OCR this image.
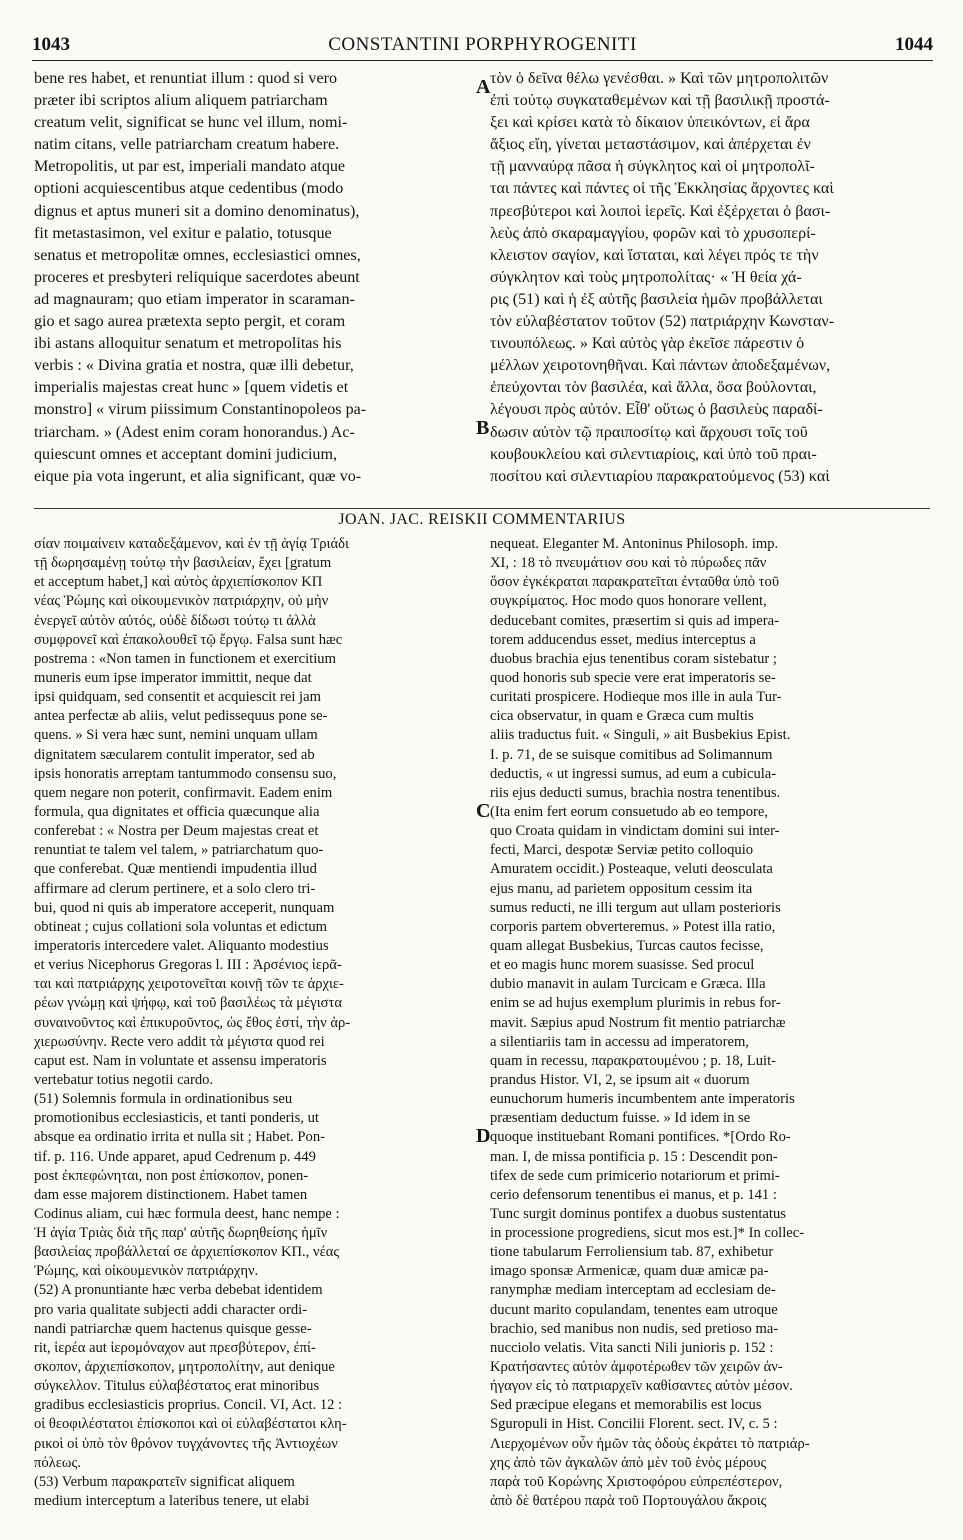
1043	CONSTANTINI PORPHYROGENITI	1044
bene res habet, et renuntiat illum : quod si vero
præter ibi scriptos alium aliquem patriarcham
creatum velit, significat se hunc vel illum, nomi-
natim citans, velle patriarcham creatum habere.
Metropolitis, ut par est, imperiali mandato atque
optioni acquiescentibus atque cedentibus (modo
dignus et aptus muneri sit a domino denominatus),
fit metastasimon, vel exitur e palatio, totusque
senatus et metropolitæ omnes, ecclesiastici omnes,
proceres et presbyteri reliquique sacerdotes abeunt
ad magnauram; quo etiam imperator in scaraman-
gio et sago aurea prætexta septo pergit, et coram
ibi astans alloquitur senatum et metropolitas his
verbis : « Divina gratia et nostra, quæ illi debetur,
imperialis majestas creat hunc » [quem videtis et
monstro] « virum piissimum Constantinopoleos pa-
triarcham. » (Adest enim coram honorandus.) Ac-
quiescunt omnes et acceptant domini judicium,
eique pia vota ingerunt, et alia significant, quæ vo-
τὸν ὁ δεῖνα θέλω γενέσθαι. » Καὶ τῶν μητροπολιτῶν
ἐπὶ τούτῳ συγκαταθεμένων καὶ τῇ βασιλικῇ προστά-
ξει καὶ κρίσει κατὰ τὸ δίκαιον ὑπεικόντων, εἰ ἄρα
ἄξιος εἴη, γίνεται μεταστάσιμον, καὶ ἀπέρχεται ἐν
τῇ μανναύρᾳ πᾶσα ἡ σύγκλητος καὶ οἱ μητροπολῖ-
ται πάντες καὶ πάντες οἱ τῆς Ἐκκλησίας ἄρχοντες καὶ
πρεσβύτεροι καὶ λοιποὶ ἱερεῖς. Καὶ ἐξέρχεται ὁ βασι-
λεὺς ἀπὸ σκαραμαγγίου, φορῶν καὶ τὸ χρυσοπερί-
κλειστον σαγίον, καὶ ἵσταται, καὶ λέγει πρός τε τὴν
σύγκλητον καὶ τοὺς μητροπολίτας· « Ἡ θεία χά-
ρις (51) καὶ ἡ ἐξ αὐτῆς βασιλεία ἡμῶν προβάλλεται
τὸν εὐλαβέστατον τοῦτον (52) πατριάρχην Κωνσταν-
τινουπόλεως. » Καὶ αὐτὸς γὰρ ἐκεῖσε πάρεστιν ὁ
μέλλων χειροτονηθῆναι. Καὶ πάντων ἀποδεξαμένων,
ἐπεύχονται τὸν βασιλέα, καὶ ἄλλα, ὅσα βούλονται,
λέγουσι πρὸς αὐτόν. Εἶθ' οὕτως ὁ βασιλεὺς παραδί-
δωσιν αὐτὸν τῷ πραιποσίτῳ καὶ ἄρχουσι τοῖς τοῦ
κουβουκλείου καὶ σιλεντιαρίοις, καὶ ὑπὸ τοῦ πραι-
ποσίτου καὶ σιλεντιαρίου παρακρατούμενος (53) καὶ
A
B
JOAN. JAC. REISKII COMMENTARIUS
σίαν ποιμαίνειν καταδεξάμενον, καὶ ἐν τῇ ἁγίᾳ Τριάδι
τῇ δωρησαμένῃ τούτῳ τὴν βασιλείαν, ἔχει [gratum
et acceptum habet,] καὶ αὐτὸς ἀρχιεπίσκοπον ΚΠ
νέας Ῥώμης καὶ οἰκουμενικὸν πατριάρχην, οὐ μὴν
ἐνεργεῖ αὐτὸν αὐτός, οὐδὲ δίδωσι τούτῳ τι ἀλλὰ
συμφρονεῖ καὶ ἐπακολουθεῖ τῷ ἔργῳ. Falsa sunt hæc
postrema : «Non tamen in functionem et exercitium
muneris eum ipse imperator immittit, neque dat
ipsi quidquam, sed consentit et acquiescit rei jam
antea perfectæ ab aliis, velut pedissequus pone se-
quens. » Si vera hæc sunt, nemini unquam ullam
dignitatem sæcularem contulit imperator, sed ab
ipsis honoratis arreptam tantummodo consensu suo,
quem negare non poterit, confirmavit. Eadem enim
formula, qua dignitates et officia quæcunque alia
conferebat : « Nostra per Deum majestas creat et
renuntiat te talem vel talem, » patriarchatum quo-
que conferebat. Quæ mentiendi impudentia illud
affirmare ad clerum pertinere, et a solo clero tri-
bui, quod ni quis ab imperatore acceperit, nunquam
obtineat ; cujus collationi sola voluntas et edictum
imperatoris intercedere valet. Aliquanto modestius
et verius Nicephorus Gregoras l. III : Ἀρσένιος ἱερᾶ-
ται καὶ πατριάρχης χειροτονεῖται κοινῇ τῶν τε ἀρχιε-
ρέων γνώμῃ καὶ ψήφῳ, καὶ τοῦ βασιλέως τὰ μέγιστα
συναινοῦντος καὶ ἐπικυροῦντος, ὡς ἔθος ἐστί, τὴν ἀρ-
χιερωσύνην. Recte vero addit τὰ μέγιστα quod rei
caput est. Nam in voluntate et assensu imperatoris
vertebatur totius negotii cardo.
(51) Solemnis formula in ordinationibus seu
promotionibus ecclesiasticis, et tanti ponderis, ut
absque ea ordinatio irrita et nulla sit ; Habet. Pon-
tif. p. 116. Unde apparet, apud Cedrenum p. 449
post ἐκπεφώνηται, non post ἐπίσκοπον, ponen-
dam esse majorem distinctionem. Habet tamen
Codinus aliam, cui hæc formula deest, hanc nempe :
Ἡ ἁγία Τριὰς διὰ τῆς παρ' αὐτῆς δωρηθείσης ἡμῖν
βασιλείας προβάλλεταί σε ἀρχιεπίσκοπον ΚΠ., νέας
Ῥώμης, καὶ οἰκουμενικὸν πατριάρχην.
(52) A pronuntiante hæc verba debebat identidem
pro varia qualitate subjecti addi character ordi-
nandi patriarchæ quem hactenus quisque gesse-
rit, ἱερέα aut ἱερομόναχον aut πρεσβύτερον, ἐπί-
σκοπον, ἀρχιεπίσκοπον, μητροπολίτην, aut denique
σύγκελλον. Titulus εὐλαβέστατος erat minoribus
gradibus ecclesiasticis proprius. Concil. VI, Act. 12 :
οἱ θεοφιλέστατοι ἐπίσκοποι καὶ οἱ εὐλαβέστατοι κλη-
ρικοὶ οἱ ὑπὸ τὸν θρόνον τυγχάνοντες τῆς Ἀντιοχέων
πόλεως.
(53) Verbum παρακρατεῖν significat aliquem
medium interceptum a lateribus tenere, ut elabi
nequeat. Eleganter M. Antoninus Philosoph. imp.
XI, : 18 τὸ πνευμάτιον σου καὶ τὸ πύρωδες πᾶν
ὅσον ἐγκέκραται παρακρατεῖται ἐνταῦθα ὑπὸ τοῦ
συγκρίματος. Hoc modo quos honorare vellent,
deducebant comites, præsertim si quis ad impera-
torem adducendus esset, medius interceptus a
duobus brachia ejus tenentibus coram sistebatur ;
quod honoris sub specie vere erat imperatoris se-
curitati prospicere. Hodieque mos ille in aula Tur-
cica observatur, in quam e Græca cum multis
aliis traductus fuit. « Singuli, » ait Busbekius Epist.
I. p. 71, de se suisque comitibus ad Solimannum
deductis, « ut ingressi sumus, ad eum a cubicula-
riis ejus deducti sumus, brachia nostra tenentibus.
(Ita enim fert eorum consuetudo ab eo tempore,
quo Croata quidam in vindictam domini sui inter-
fecti, Marci, despotæ Serviæ petito colloquio
Amuratem occidit.) Posteaque, veluti deosculata
ejus manu, ad parietem oppositum cessim ita
sumus reducti, ne illi tergum aut ullam posterioris
corporis partem obverteremus. » Potest illa ratio,
quam allegat Busbekius, Turcas cautos fecisse,
et eo magis hunc morem suasisse. Sed procul
dubio manavit in aulam Turcicam e Græca. Illa
enim se ad hujus exemplum plurimis in rebus for-
mavit. Sæpius apud Nostrum fit mentio patriarchæ
a silentiariis tam in accessu ad imperatorem,
quam in recessu, παρακρατουμένου ; p. 18, Luit-
prandus Histor. VI, 2, se ipsum ait « duorum
eunuchorum humeris incumbentem ante imperatoris
præsentiam deductum fuisse. » Id idem in se
quoque instituebant Romani pontifices. *[Ordo Ro-
man. I, de missa pontificia p. 15 : Descendit pon-
tifex de sede cum primicerio notariorum et primi-
cerio defensorum tenentibus ei manus, et p. 141 :
Tunc surgit dominus pontifex a duobus sustentatus
in processione progrediens, sicut mos est.]* In collec-
tione tabularum Ferroliensium tab. 87, exhibetur
imago sponsæ Armenicæ, quam duæ amicæ pa-
ranymphæ mediam interceptam ad ecclesiam de-
ducunt marito copulandam, tenentes eam utroque
brachio, sed manibus non nudis, sed pretioso ma-
nucciolo velatis. Vita sancti Nili junioris p. 152 :
Κρατήσαντες αὐτὸν ἀμφοτέρωθεν τῶν χειρῶν ἀν-
ήγαγον εἰς τὸ πατριαρχεῖν καθίσαντες αὐτὸν μέσον.
Sed præcipue elegans et memorabilis est locus
Sguropuli in Hist. Concilii Florent. sect. IV, c. 5 :
Λιερχομένων οὖν ἡμῶν τὰς ὁδοὺς ἐκράτει τὸ πατριάρ-
χης ἀπὸ τῶν ἀγκαλῶν ἀπὸ μὲν τοῦ ἑνὸς μέρους
παρὰ τοῦ Κορώνης Χριστοφόρου εὐπρεπέστερον,
ἀπὸ δὲ θατέρου παρὰ τοῦ Πορτουγάλου ἄκροις
C
D
